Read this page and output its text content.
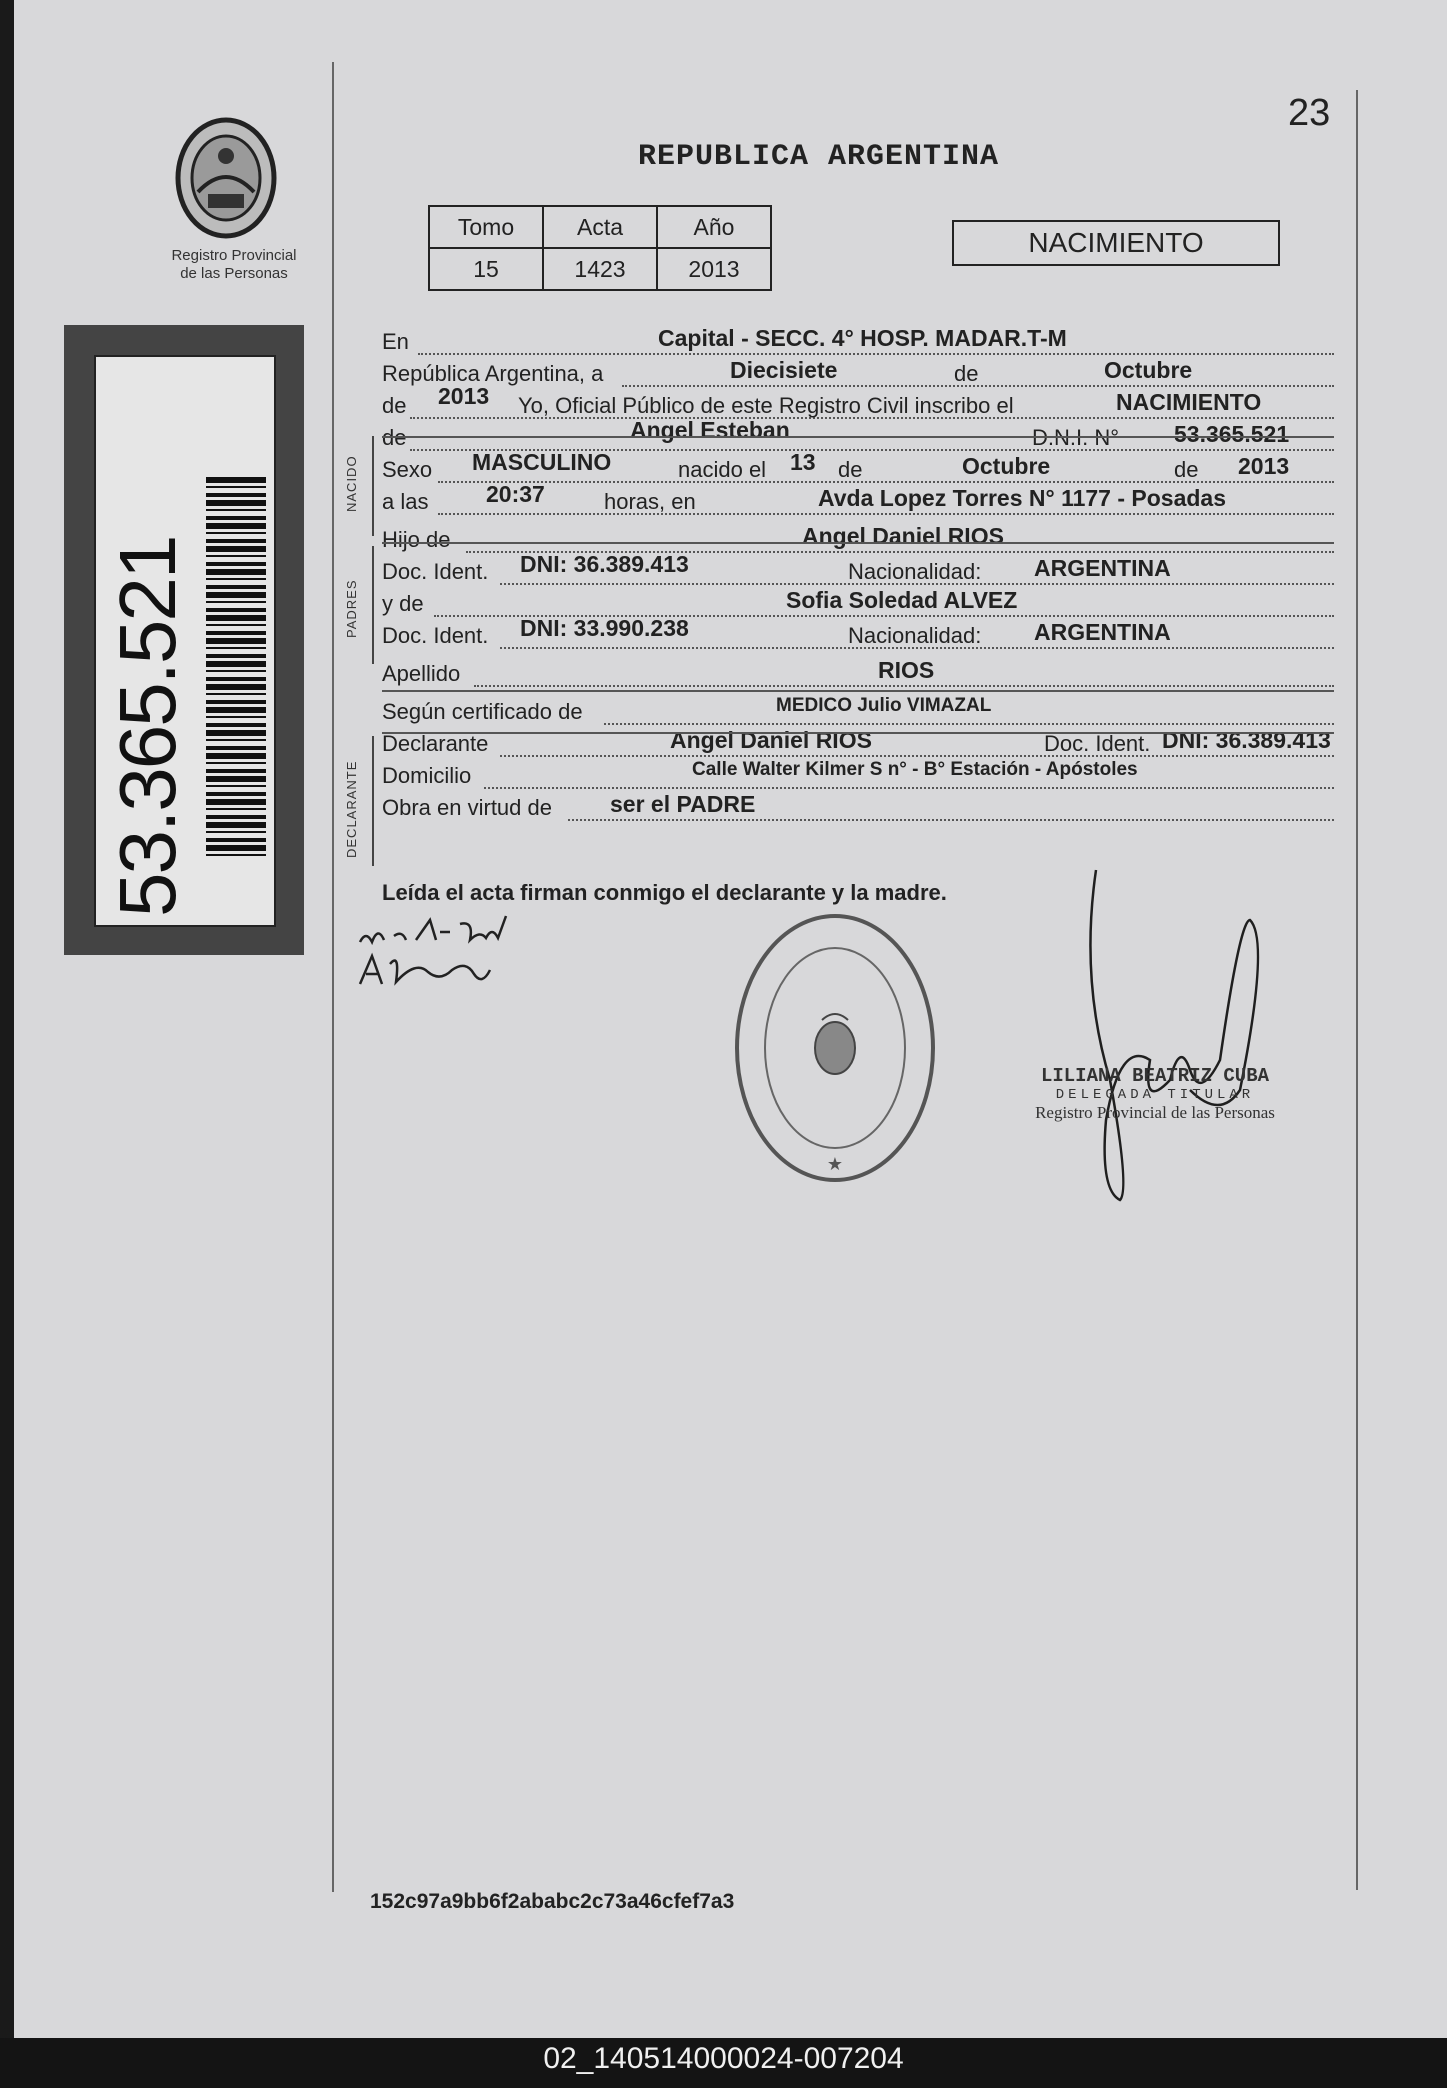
Registro Provincial
de las Personas
53.365.521
23
REPUBLICA ARGENTINA
Tomo	Acta	Año
15	1423	2013
NACIMIENTO
NACIDO
PADRES
DECLARANTE
En	Capital - SECC. 4° HOSP. MADAR.T-M
República Argentina, a	Diecisiete	de	Octubre
de 2013 Yo, Oficial Público de este Registro Civil inscribo el	NACIMIENTO
de	Angel Esteban	D.N.I. N° 53.365.521
Sexo MASCULINO	nacido el 13 de	Octubre	de 2013
a las	20:37	horas, en	Avda Lopez Torres N° 1177 - Posadas
Hijo de	Angel Daniel RIOS
Doc. Ident. DNI: 36.389.413	Nacionalidad: ARGENTINA
y de	Sofia Soledad ALVEZ
Doc. Ident. DNI: 33.990.238	Nacionalidad: ARGENTINA
Apellido	RIOS
Según certificado de	MEDICO Julio VIMAZAL
Declarante	Angel Daniel RIOS	Doc. Ident. DNI: 36.389.413
Domicilio	Calle Walter Kilmer S n° - B° Estación - Apóstoles
Obra en virtud de	ser el PADRE
Leída el acta firman conmigo el declarante y la madre.
★
LILIANA BEATRIZ CUBA
DELEGADA TITULAR
Registro Provincial de las Personas
152c97a9bb6f2ababc2c73a46cfef7a3
02_140514000024-007204
